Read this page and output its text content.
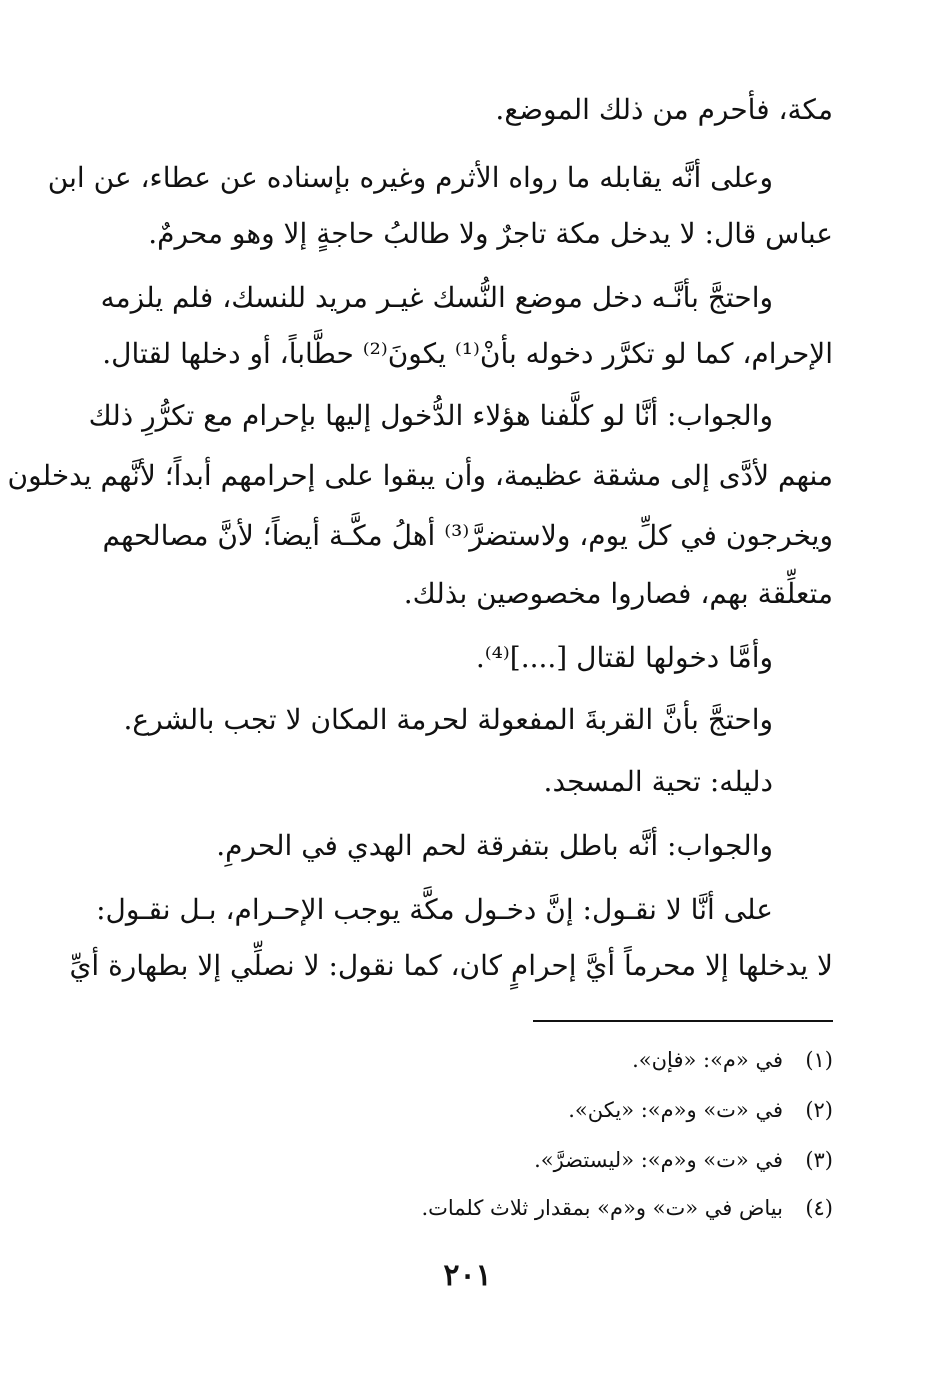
مكة، فأحرم من ذلك الموضع.
وعلى أنَّه يقابله ما رواه الأثرم وغيره بإسناده عن عطاء، عن ابن
عباس قال: لا يدخل مكة تاجرٌ ولا طالبُ حاجةٍ إلا وهو محرمٌ.
واحتجَّ بأنَّـه دخل موضع النُّسك غيـر مريد للنسك، فلم يلزمه
الإحرام، كما لو تكرَّر دخوله بأنْ⁽¹⁾ يكونَ⁽²⁾ حطَّاباً، أو دخلها لقتال.
والجواب: أنَّا لو كلَّفنا هؤلاء الدُّخول إليها بإحرام مع تكرُّرِ ذلك
منهم لأدَّى إلى مشقة عظيمة، وأن يبقوا على إحرامهم أبداً؛ لأنَّهم يدخلون
ويخرجون في كلِّ يوم، ولاستضرَّ⁽³⁾ أهلُ مكَّـة أيضاً؛ لأنَّ مصالحهم
متعلِّقة بهم، فصاروا مخصوصين بذلك.
وأمَّا دخولها لقتال [....]⁽⁴⁾.
واحتجَّ بأنَّ القربةَ المفعولة لحرمة المكان لا تجب بالشرع.
دليله: تحية المسجد.
والجواب: أنَّه باطل بتفرقة لحم الهدي في الحرمِ.
على أنَّا لا نقـول: إنَّ دخـول مكَّة يوجب الإحـرام، بـل نقـول:
لا يدخلها إلا محرماً أيَّ إحرامٍ كان، كما نقول: لا نصلِّي إلا بطهارة أيِّ
(١)
في «م»: «فإن».
(٢)
في «ت» و«م»: «يكن».
(٣)
في «ت» و«م»: «ليستضرَّ».
(٤)
بياض في «ت» و«م» بمقدار ثلاث كلمات.
٢٠١
